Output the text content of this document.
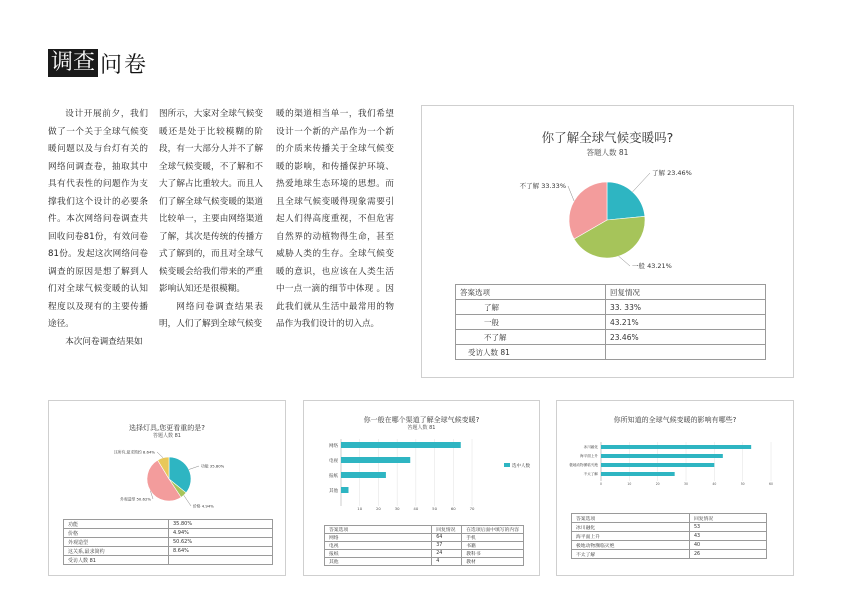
调查 问卷

设计开展前夕，我们做了一个关于全球气候变暖问题以及与台灯有关的网络问调查卷，抽取其中具有代表性的问题作为支撑我们这个设计的必要条件。本次网络问卷调查共回收问卷81份，有效问卷81份。发起这次网络问卷调查的原因是想了解到人们对全球气候变暖的认知程度以及现有的主要传播途径。

本次问卷调查结果如

图所示，大家对全球气候变暖还是处于比较模糊的阶段，有一大部分人并不了解全球气候变暖，不了解和不大了解占比重较大。而且人们了解全球气候变暖的渠道比较单一，主要由网络渠道了解，其次是传统的传播方式了解到的，而且对全球气候变暖会给我们带来的严重影响认知还是很模糊。

网络问卷调查结果表明，人们了解到全球气候变

暖的渠道相当单一，我们希望设计一个新的产品作为一个新的介质来传播关于全球气候变暖的影响，和传播保护环境、热爱地球生态环境的思想。而且全球气候变暖得现象需要引起人们得高度重视，不但危害自然界的动植物得生命，甚至威胁人类的生存。全球气候变暖的意识，也应该在人类生活中一点一滴的细节中体现 。因此我们就从生活中最常用的物品作为我们设计的切入点。

你了解全球气候变暖吗?
答题人数 81
了解 23.46%
一般 43.21%
不了解 33.33%
答案选项	回复情况
了解	33. 33%
一般	43.21%
不了解	23.46%
受访人数 81	
选择灯具,您更看重的是?
答题人数 81
功能 35.80%
价格 4.94%
外观造型 50.62%
这所有,最求简约 8.64%
功能	35.80%
价格	4.94%
外观造型	50.62%
这关系,最求简约	8.64%
受访人数 81	
你一般在哪个渠道了解全球气候变暖?
答题人数 81
10	20	30	40	50	60	70
网络
电视
报纸
其他
选中人数
答案选项	回复情况	在选项后面中填写的内容
网络	64	手机
电视	37	书籍
报纸	24	教科书
其他	4	教材
你所知道的全球气候变暖的影响有哪些?
0	10	20	30	40	50	60
冰川融化
海平面上升
极地动物濒临灭绝
不太了解
答案选项	回复情况
冰川融化	53
海平面上升	43
极地动物濒临灭绝	40
不太了解	26
